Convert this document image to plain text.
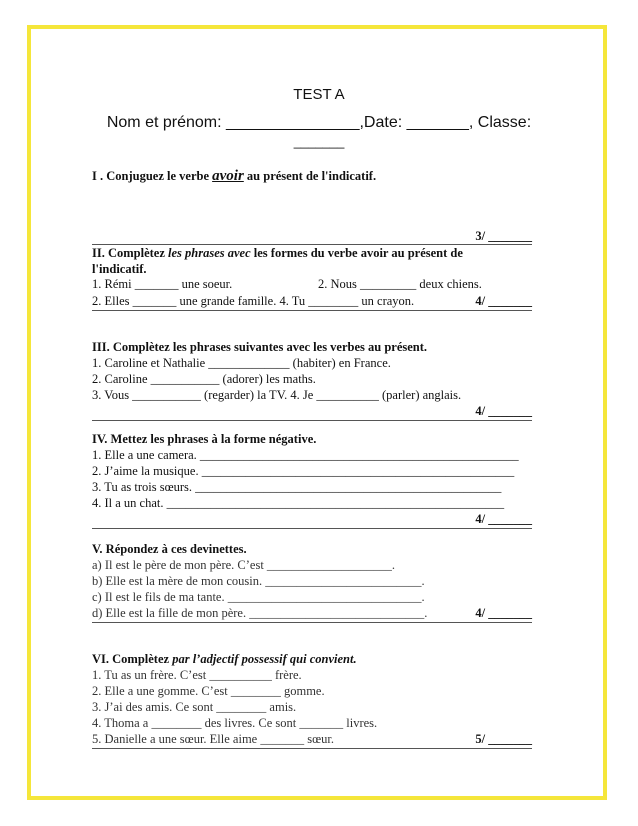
TEST A
Nom et prénom: _______________,Date: _______, Classe:
_______
I . Conjuguez le verbe avoir au présent de l'indicatif.
3/ _______
II. Complètez les phrases avec les formes du verbe avoir au présent de
l'indicatif.
1. Rémi _______ une soeur.	2. Nous _________ deux chiens.
2. Elles _______ une grande famille. 4. Tu ________ un crayon.	4/ _______
III. Complètez les phrases suivantes avec les verbes au présent.
1. Caroline et Nathalie _____________ (habiter) en France.
2. Caroline ___________ (adorer) les maths.
3. Vous ___________ (regarder) la TV. 4. Je __________ (parler) anglais.
4/ _______
IV. Mettez les phrases à la forme négative.
1. Elle a une camera. ___________________________________________________
2. J’aime la musique. __________________________________________________
3. Tu as trois sœurs. _________________________________________________
4. Il a un chat. ______________________________________________________
4/ _______
V. Répondez à ces devinettes.
a) Il est le père de mon père. C’est ____________________.
b) Elle est la mère de mon cousin. _________________________.
c) Il est le fils de ma tante. _______________________________.
d) Elle est la fille de mon père. ____________________________.	4/ _______
VI. Complètez par l’adjectif possessif qui convient.
1. Tu as un frère. C’est __________ frère.
2. Elle a une gomme. C’est ________ gomme.
3. J’ai des amis. Ce sont ________ amis.
4. Thoma a ________ des livres. Ce sont _______ livres.
5. Danielle a une sœur. Elle aime _______ sœur.	5/ _______
